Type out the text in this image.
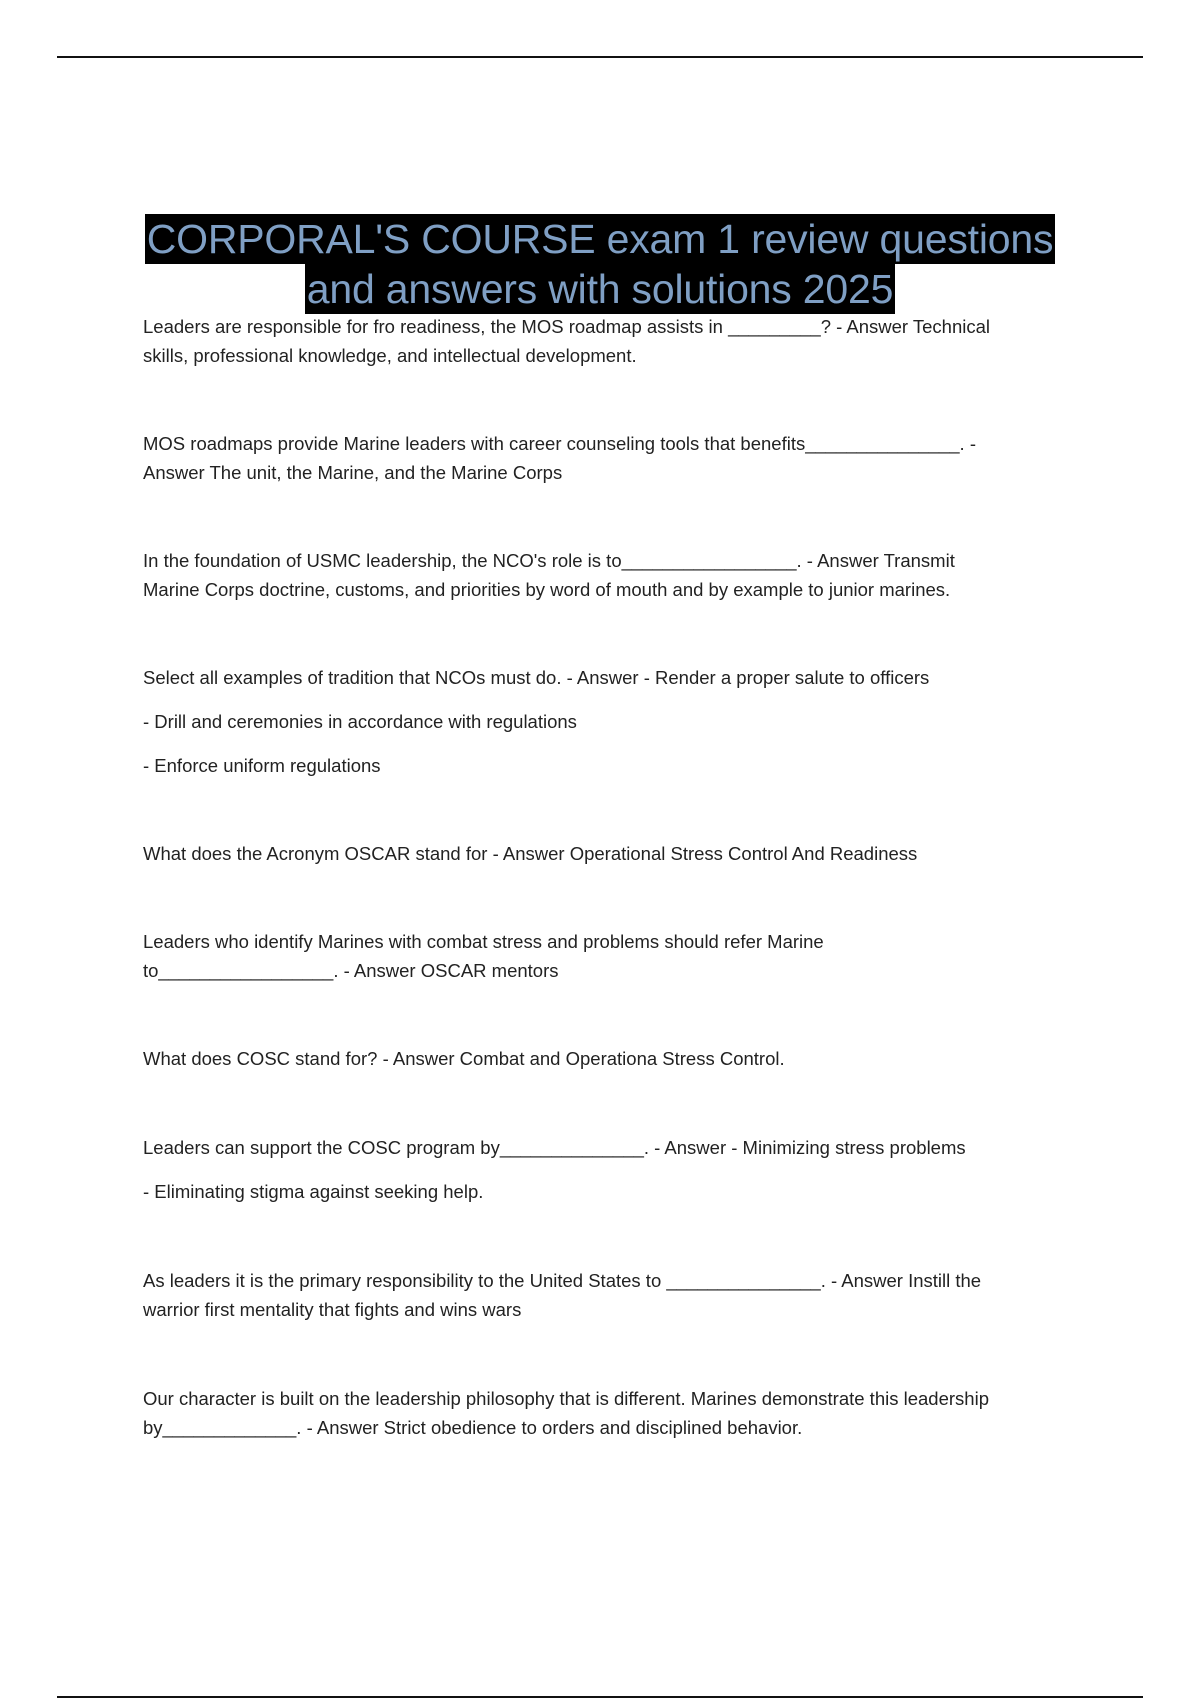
CORPORAL'S COURSE exam 1 review questions
and answers with solutions 2025
Leaders are responsible for fro readiness, the MOS roadmap assists in _________? - Answer Technical
skills, professional knowledge, and intellectual development.
MOS roadmaps provide Marine leaders with career counseling tools that benefits_______________. -
Answer The unit, the Marine, and the Marine Corps
In the foundation of USMC leadership, the NCO's role is to_________________. - Answer Transmit
Marine Corps doctrine, customs, and priorities by word of mouth and by example to junior marines.
Select all examples of tradition that NCOs must do. - Answer - Render a proper salute to officers
- Drill and ceremonies in accordance with regulations
- Enforce uniform regulations
What does the Acronym OSCAR stand for - Answer Operational Stress Control And Readiness
Leaders who identify Marines with combat stress and problems should refer Marine
to_________________. - Answer OSCAR mentors
What does COSC stand for? - Answer Combat and Operationa Stress Control.
Leaders can support the COSC program by______________. - Answer - Minimizing stress problems
- Eliminating stigma against seeking help.
As leaders it is the primary responsibility to the United States to _______________. - Answer Instill the
warrior first mentality that fights and wins wars
Our character is built on the leadership philosophy that is different. Marines demonstrate this leadership
by_____________. - Answer Strict obedience to orders and disciplined behavior.
